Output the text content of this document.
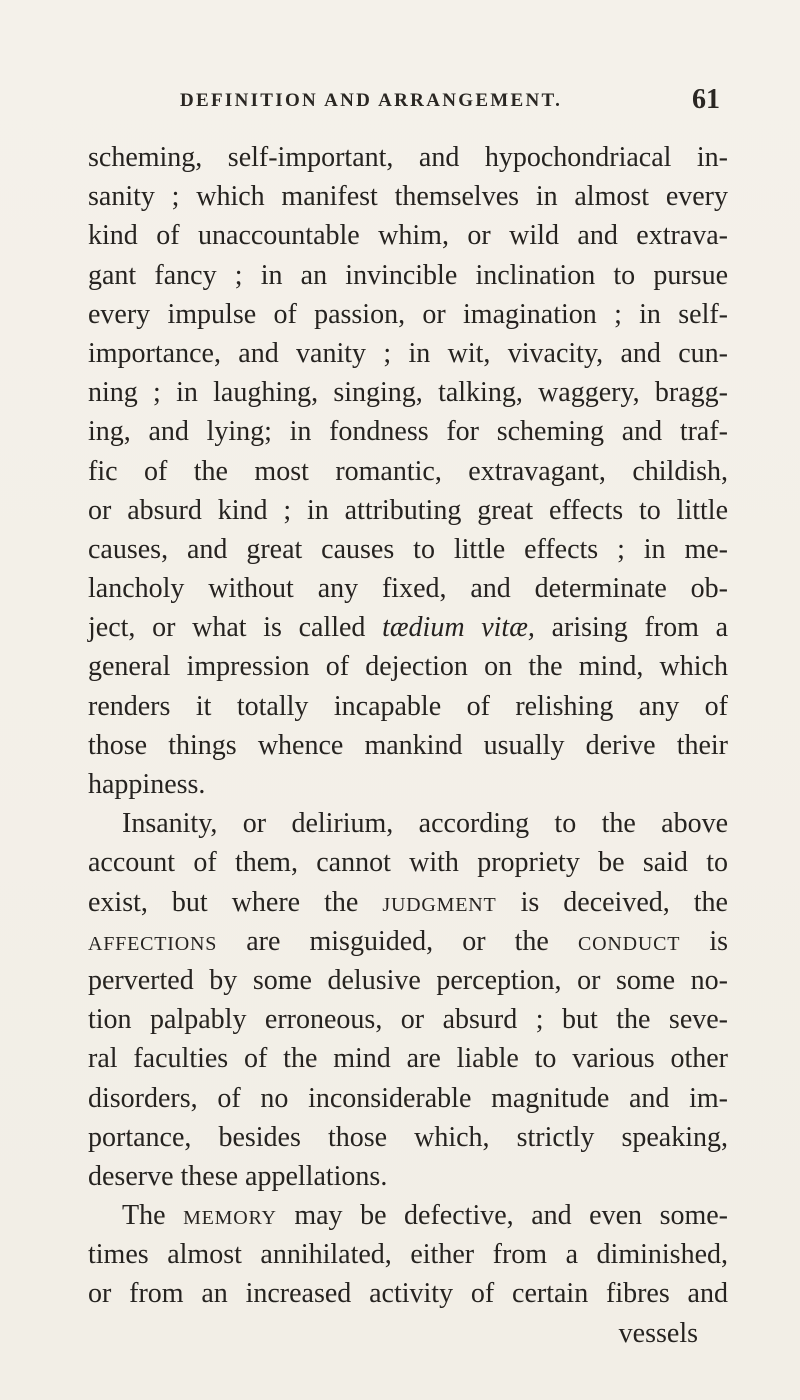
DEFINITION AND ARRANGEMENT.	61
scheming, self-important, and hypochondriacal in-
sanity ; which manifest themselves in almost every
kind of unaccountable whim, or wild and extrava-
gant fancy ; in an invincible inclination to pursue
every impulse of passion, or imagination ; in self-
importance, and vanity ; in wit, vivacity, and cun-
ning ; in laughing, singing, talking, waggery, bragg-
ing, and lying; in fondness for scheming and traf-
fic of the most romantic, extravagant, childish,
or absurd kind ; in attributing great effects to little
causes, and great causes to little effects ; in me-
lancholy without any fixed, and determinate ob-
ject, or what is called tædium vitæ, arising from a
general impression of dejection on the mind, which
renders it totally incapable of relishing any of
those things whence mankind usually derive their
happiness.
Insanity, or delirium, according to the above
account of them, cannot with propriety be said to
exist, but where the judgment is deceived, the
affections are misguided, or the conduct is
perverted by some delusive perception, or some no-
tion palpably erroneous, or absurd ; but the seve-
ral faculties of the mind are liable to various other
disorders, of no inconsiderable magnitude and im-
portance, besides those which, strictly speaking,
deserve these appellations.
The memory may be defective, and even some-
times almost annihilated, either from a diminished,
or from an increased activity of certain fibres and
vessels
